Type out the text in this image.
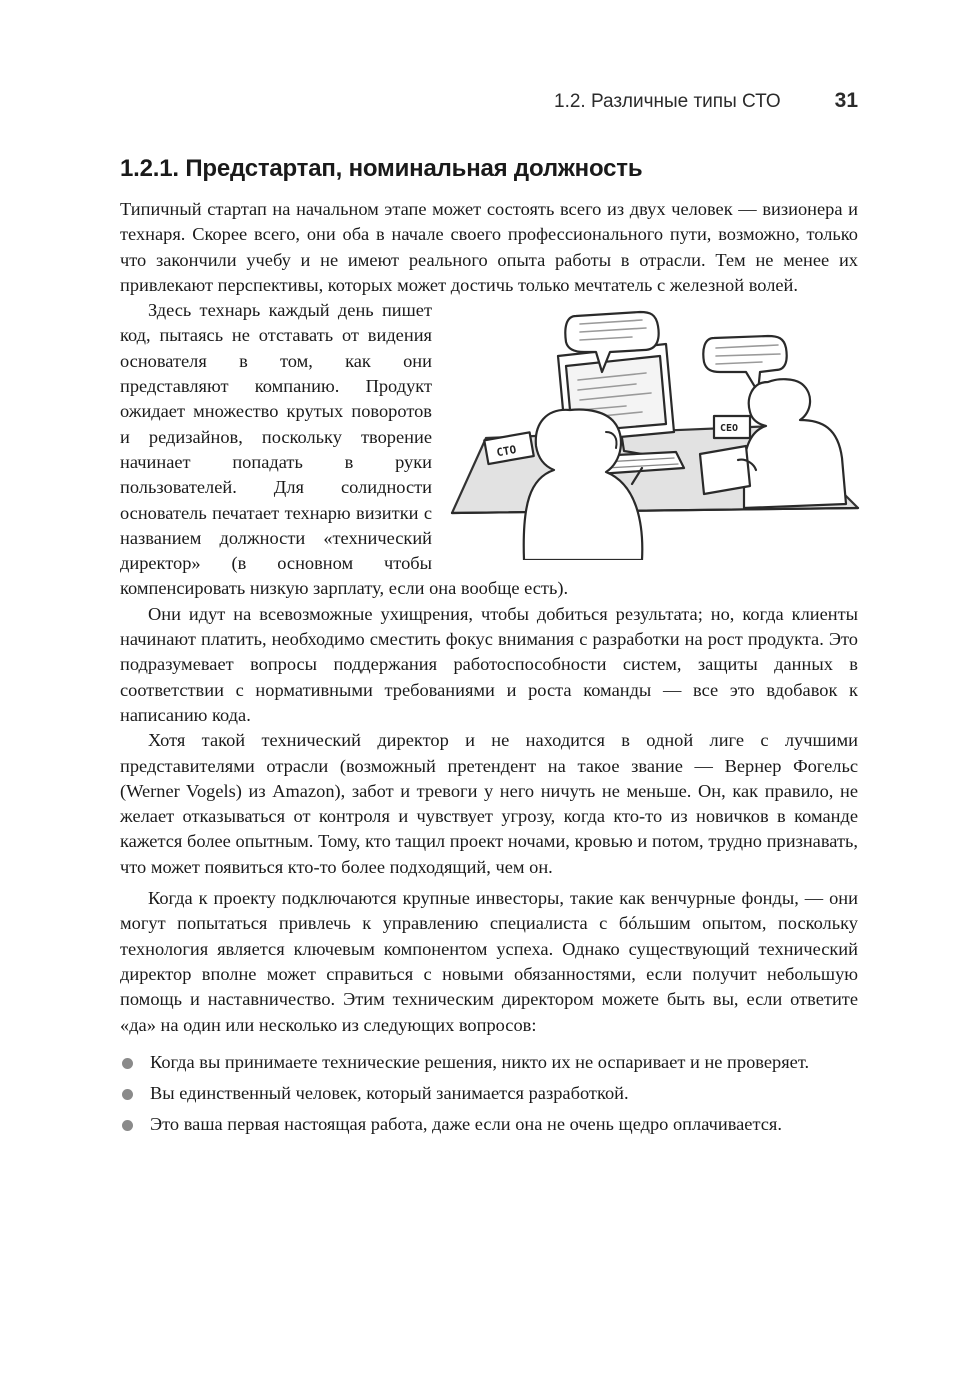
1.2. Различные типы СТО	31
1.2.1. Предстартап, номинальная должность

Типичный стартап на начальном этапе может состоять всего из двух человек — визионера и технаря. Скорее всего, они оба в начале своего профессионального пути, возможно, только что закончили учебу и не имеют реального опыта работы в отрасли. Тем не менее их привлекают перспективы, которых может достичь только мечтатель с железной волей.

CTO
CEO

Здесь технарь каждый день пишет код, пытаясь не отставать от видения основателя в том, как они представляют компанию. Продукт ожидает множество крутых поворотов и редизайнов, поскольку творение начинает попадать в руки пользователей. Для солидности основатель печатает технарю визитки с названием должности «технический директор» (в основном чтобы компенсировать низкую зарплату, если она вообще есть).

Они идут на всевозможные ухищрения, чтобы добиться результата; но, когда клиенты начинают платить, необходимо сместить фокус внимания с разработки на рост продукта. Это подразумевает вопросы поддержания работоспособности систем, защиты данных в соответствии с нормативными требованиями и роста команды — все это вдобавок к написанию кода.

Хотя такой технический директор и не находится в одной лиге с лучшими представителями отрасли (возможный претендент на такое звание — Вернер Фогельс (Werner Vogels) из Amazon), забот и тревоги у него ничуть не меньше. Он, как правило, не желает отказываться от контроля и чувствует угрозу, когда кто-то из новичков в команде кажется более опытным. Тому, кто тащил проект ночами, кровью и потом, трудно признавать, что может появиться кто-то более подходящий, чем он.

Когда к проекту подключаются крупные инвесторы, такие как венчурные фонды, — они могут попытаться привлечь к управлению специалиста с бóльшим опытом, поскольку технология является ключевым компонентом успеха. Однако существующий технический директор вполне может справиться с новыми обязанностями, если получит небольшую помощь и наставничество. Этим техническим директором можете быть вы, если ответите «да» на один или несколько из следующих вопросов:

Когда вы принимаете технические решения, никто их не оспаривает и не проверяет.
Вы единственный человек, который занимается разработкой.
Это ваша первая настоящая работа, даже если она не очень щедро оплачивается.
